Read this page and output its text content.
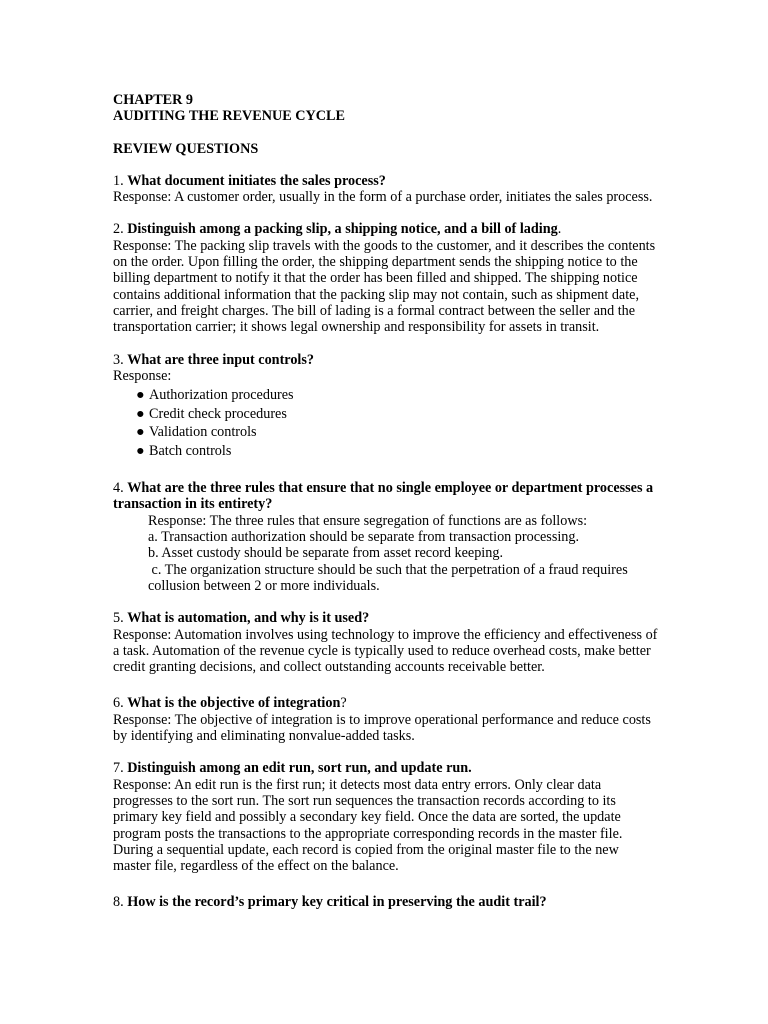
CHAPTER 9
AUDITING THE REVENUE CYCLE
REVIEW QUESTIONS
1. What document initiates the sales process?
Response: A customer order, usually in the form of a purchase order, initiates the sales process.
2. Distinguish among a packing slip, a shipping notice, and a bill of lading.
Response: The packing slip travels with the goods to the customer, and it describes the contents on the order. Upon filling the order, the shipping department sends the shipping notice to the billing department to notify it that the order has been filled and shipped. The shipping notice contains additional information that the packing slip may not contain, such as shipment date, carrier, and freight charges. The bill of lading is a formal contract between the seller and the transportation carrier; it shows legal ownership and responsibility for assets in transit.
3. What are three input controls?
Response:
● Authorization procedures
● Credit check procedures
● Validation controls
● Batch controls
4. What are the three rules that ensure that no single employee or department processes a transaction in its entirety?
Response: The three rules that ensure segregation of functions are as follows:
a. Transaction authorization should be separate from transaction processing.
b. Asset custody should be separate from asset record keeping.
c. The organization structure should be such that the perpetration of a fraud requires collusion between 2 or more individuals.
5. What is automation, and why is it used?
Response: Automation involves using technology to improve the efficiency and effectiveness of a task. Automation of the revenue cycle is typically used to reduce overhead costs, make better credit granting decisions, and collect outstanding accounts receivable better.
6. What is the objective of integration?
Response: The objective of integration is to improve operational performance and reduce costs by identifying and eliminating nonvalue-added tasks.
7. Distinguish among an edit run, sort run, and update run.
Response: An edit run is the first run; it detects most data entry errors. Only clear data progresses to the sort run. The sort run sequences the transaction records according to its primary key field and possibly a secondary key field. Once the data are sorted, the update program posts the transactions to the appropriate corresponding records in the master file. During a sequential update, each record is copied from the original master file to the new master file, regardless of the effect on the balance.
8. How is the record’s primary key critical in preserving the audit trail?
